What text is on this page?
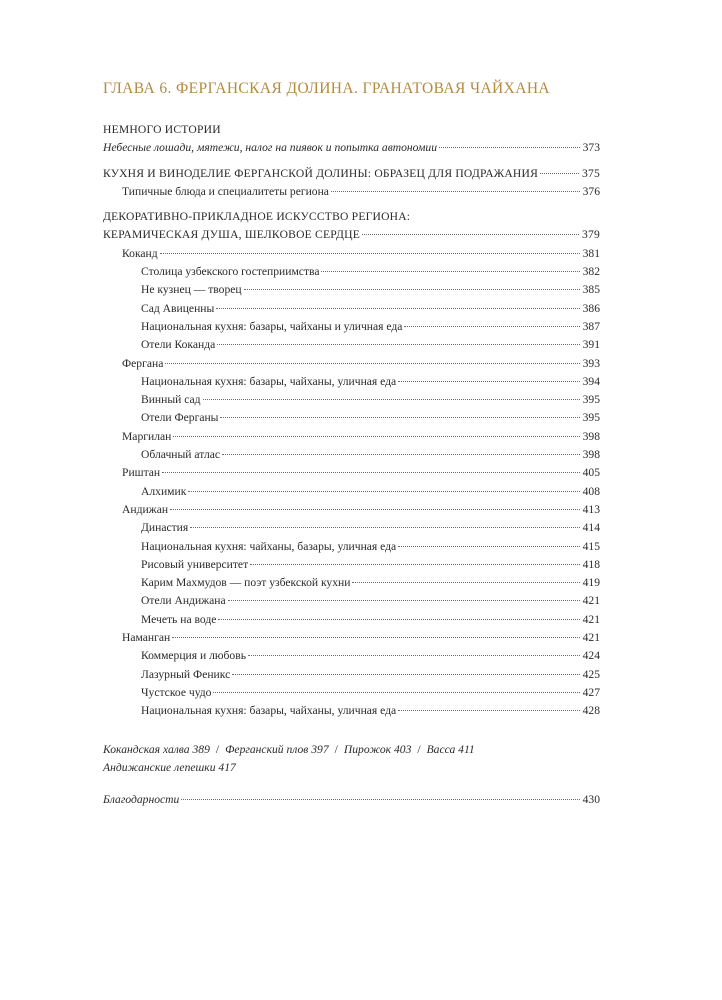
ГЛАВА 6. ФЕРГАНСКАЯ ДОЛИНА. ГРАНАТОВАЯ ЧАЙХАНА
НЕМНОГО ИСТОРИИ
Небесные лошади, мятежи, налог на пиявок и попытка автономии	373
КУХНЯ И ВИНОДЕЛИЕ ФЕРГАНСКОЙ ДОЛИНЫ: ОБРАЗЕЦ ДЛЯ ПОДРАЖАНИЯ	375
Типичные блюда и специалитеты региона	376
ДЕКОРАТИВНО-ПРИКЛАДНОЕ ИСКУССТВО РЕГИОНА:
КЕРАМИЧЕСКАЯ ДУША, ШЕЛКОВОЕ СЕРДЦЕ	379
Коканд	381
Столица узбекского гостеприимства	382
Не кузнец — творец	385
Сад Авиценны	386
Национальная кухня: базары, чайханы и уличная еда	387
Отели Коканда	391
Фергана	393
Национальная кухня: базары, чайханы, уличная еда	394
Винный сад	395
Отели Ферганы	395
Маргилан	398
Облачный атлас	398
Риштан	405
Алхимик	408
Андижан	413
Династия	414
Национальная кухня: чайханы, базары, уличная еда	415
Рисовый университет	418
Карим Махмудов — поэт узбекской кухни	419
Отели Андижана	421
Мечеть на воде	421
Наманган	421
Коммерция и любовь	424
Лазурный Феникс	425
Чустское чудо	427
Национальная кухня: базары, чайханы, уличная еда	428
Кокандская халва 389 / Ферганский плов 397 / Пирожок 403 / Васса 411
Андижанские лепешки 417
Благодарности	430
